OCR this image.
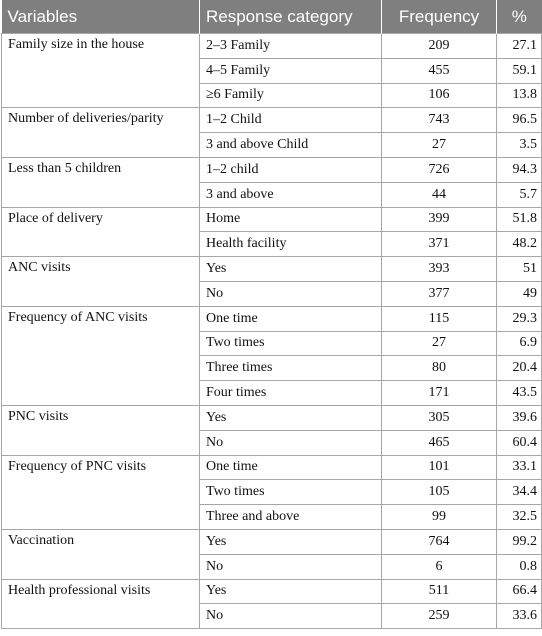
Variables	Response category	Frequency	%
Family size in the house	2–3 Family	209	27.1
	4–5 Family	455	59.1
	≥6 Family	106	13.8
Number of deliveries/parity	1–2 Child	743	96.5
	3 and above Child	27	3.5
Less than 5 children	1–2 child	726	94.3
	3 and above	44	5.7
Place of delivery	Home	399	51.8
	Health facility	371	48.2
ANC visits	Yes	393	51
	No	377	49
Frequency of ANC visits	One time	115	29.3
	Two times	27	6.9
	Three times	80	20.4
	Four times	171	43.5
PNC visits	Yes	305	39.6
	No	465	60.4
Frequency of PNC visits	One time	101	33.1
	Two times	105	34.4
	Three and above	99	32.5
Vaccination	Yes	764	99.2
	No	6	0.8
Health professional visits	Yes	511	66.4
	No	259	33.6
